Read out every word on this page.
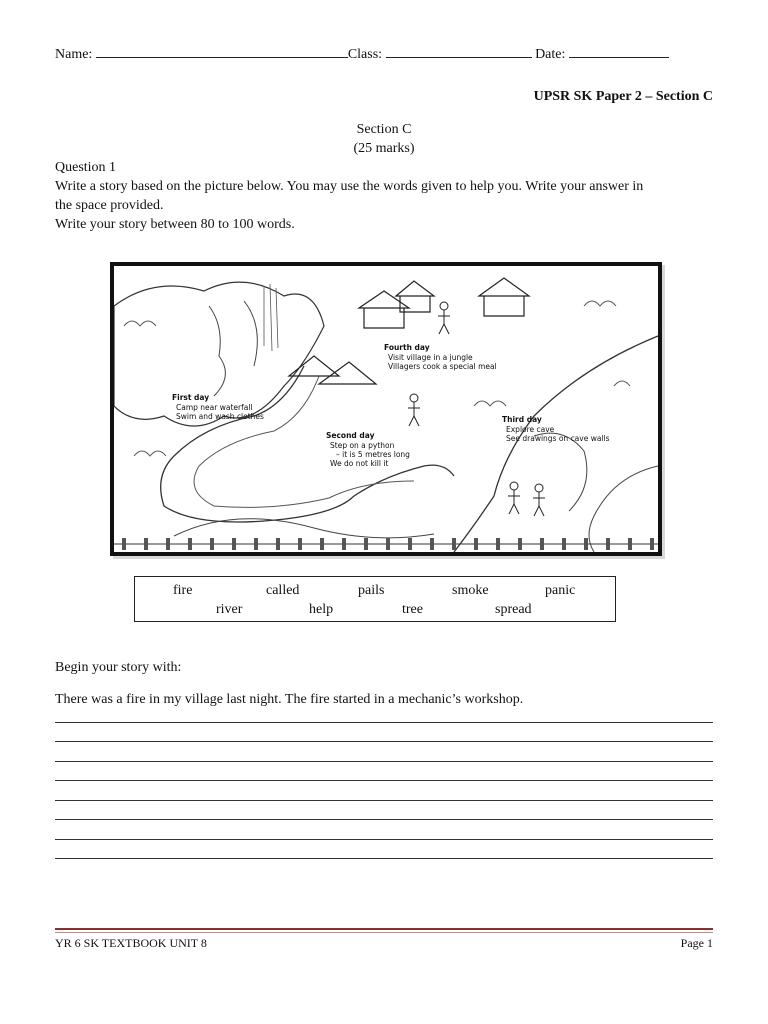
Name:	Class:	Date:
UPSR SK Paper 2 – Section C
Section C
(25 marks)
Question 1
Write a story based on the picture below. You may use the words given to help you. Write your answer in
the space provided.
Write your story between 80 to 100 words.
Fourth day
Visit village in a jungle
Villagers cook a special meal
First day
Camp near waterfall
Swim and wash clothes
Second day
Step on a python
– it is 5 metres long
We do not kill it
Third day
Explore cave
See drawings on cave walls
fire	called	pails	smoke	panic
river	help	tree	spread
Begin your story with:
There was a fire in my village last night. The fire started in a mechanic’s workshop.
YR 6 SK TEXTBOOK UNIT 8	Page 1
